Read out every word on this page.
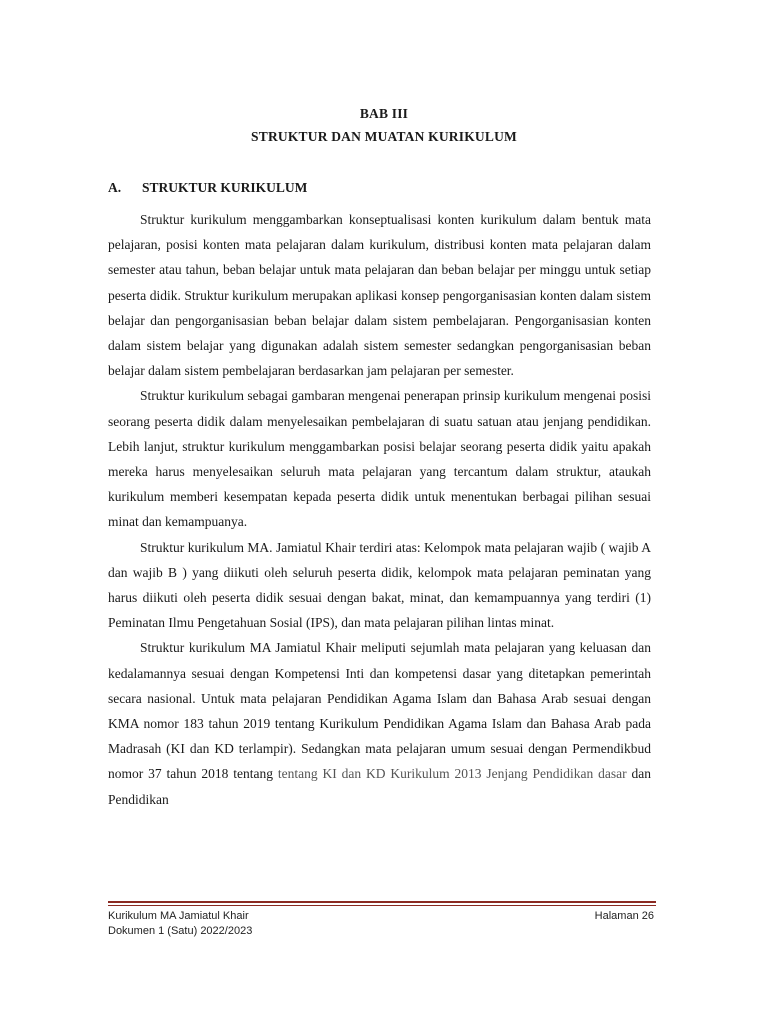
BAB III
STRUKTUR DAN MUATAN KURIKULUM
A. STRUKTUR KURIKULUM

Struktur kurikulum menggambarkan konseptualisasi konten kurikulum dalam bentuk mata pelajaran, posisi konten mata pelajaran dalam kurikulum, distribusi konten mata pelajaran dalam semester atau tahun, beban belajar untuk mata pelajaran dan beban belajar per minggu untuk setiap peserta didik. Struktur kurikulum merupakan aplikasi konsep pengorganisasian konten dalam sistem belajar dan pengorganisasian beban belajar dalam sistem pembelajaran. Pengorganisasian konten dalam sistem belajar yang digunakan adalah sistem semester sedangkan pengorganisasian beban belajar dalam sistem pembelajaran berdasarkan jam pelajaran per semester.

Struktur kurikulum sebagai gambaran mengenai penerapan prinsip kurikulum mengenai posisi seorang peserta didik dalam menyelesaikan pembelajaran di suatu satuan atau jenjang pendidikan. Lebih lanjut, struktur kurikulum menggambarkan posisi belajar seorang peserta didik yaitu apakah mereka harus menyelesaikan seluruh mata pelajaran yang tercantum dalam struktur, ataukah kurikulum memberi kesempatan kepada peserta didik untuk menentukan berbagai pilihan sesuai minat dan kemampuanya.

Struktur kurikulum MA. Jamiatul Khair terdiri atas: Kelompok mata pelajaran wajib ( wajib A dan wajib B ) yang diikuti oleh seluruh peserta didik, kelompok mata pelajaran peminatan yang harus diikuti oleh peserta didik sesuai dengan bakat, minat, dan kemampuannya yang terdiri (1) Peminatan Ilmu Pengetahuan Sosial (IPS), dan mata pelajaran pilihan lintas minat.

Struktur kurikulum MA Jamiatul Khair meliputi sejumlah mata pelajaran yang keluasan dan kedalamannya sesuai dengan Kompetensi Inti dan kompetensi dasar yang ditetapkan pemerintah secara nasional. Untuk mata pelajaran Pendidikan Agama Islam dan Bahasa Arab sesuai dengan KMA nomor 183 tahun 2019 tentang Kurikulum Pendidikan Agama Islam dan Bahasa Arab pada Madrasah (KI dan KD terlampir). Sedangkan mata pelajaran umum sesuai dengan Permendikbud nomor 37 tahun 2018 tentang tentang KI dan KD Kurikulum 2013 Jenjang Pendidikan dasar dan Pendidikan

Kurikulum MA Jamiatul Khair
Dokumen 1 (Satu) 2022/2023
Halaman 26
